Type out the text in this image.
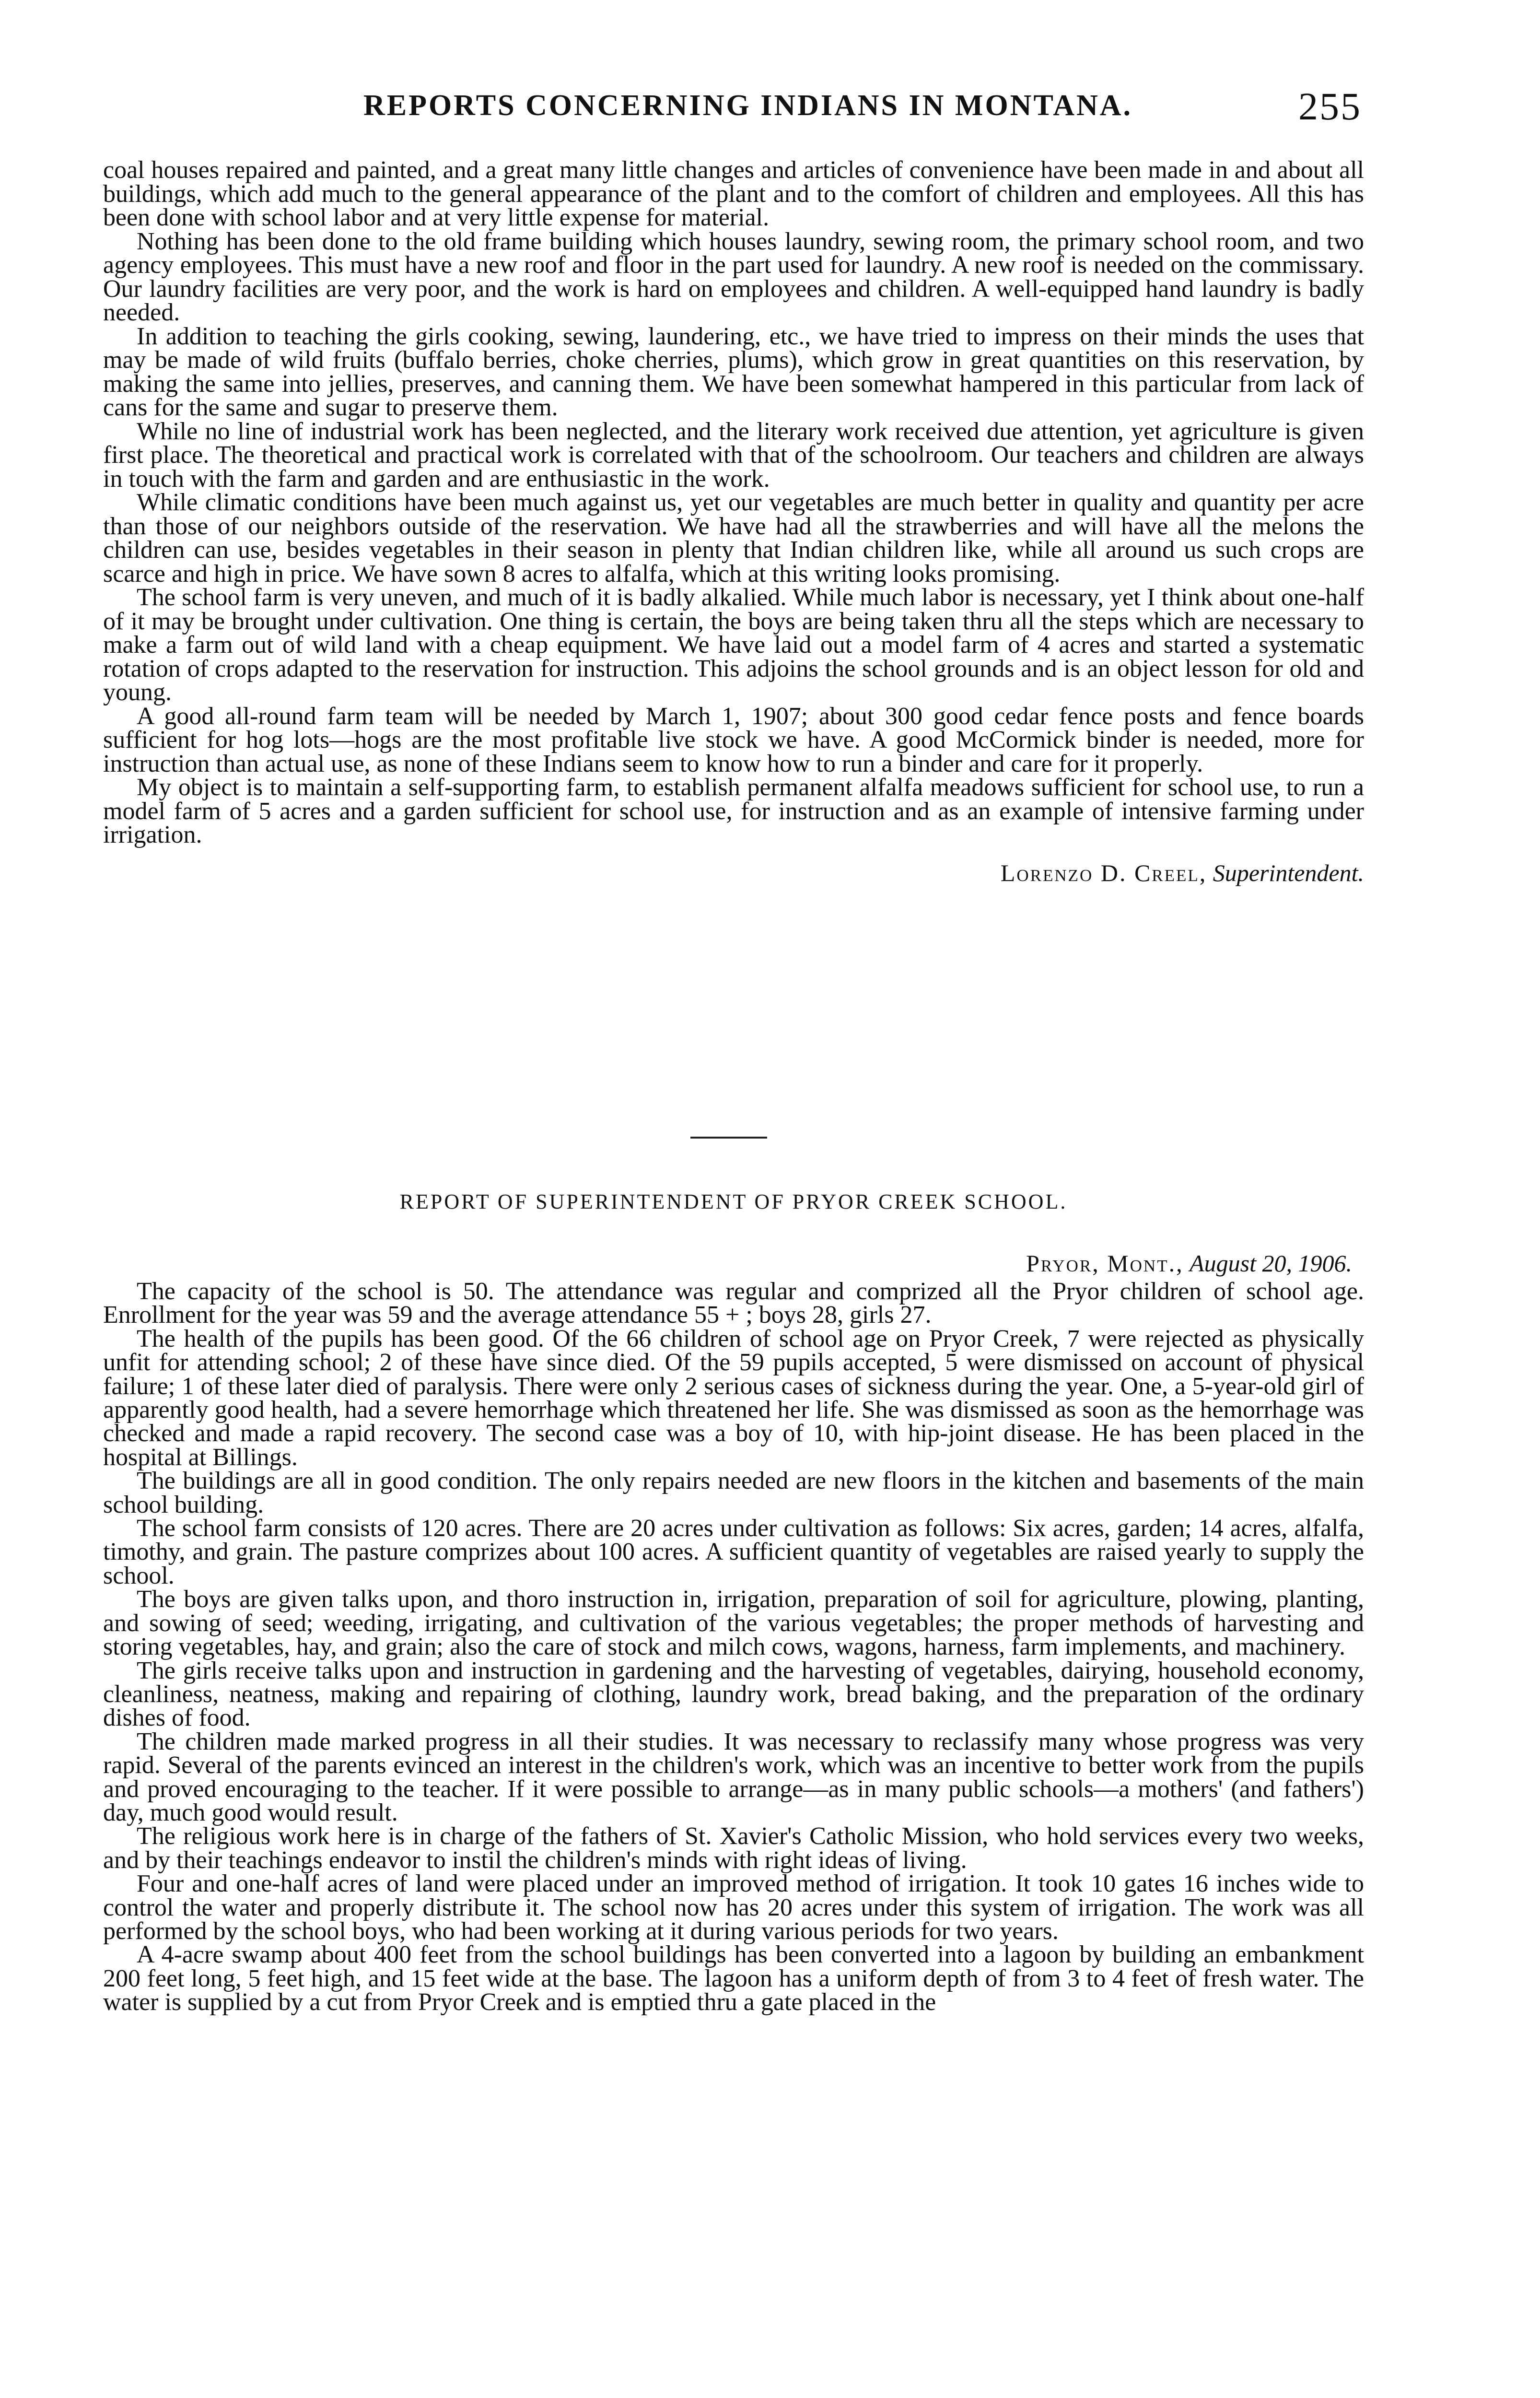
REPORTS CONCERNING INDIANS IN MONTANA.	255

coal houses repaired and painted, and a great many little changes and articles of convenience have been made in and about all buildings, which add much to the general appearance of the plant and to the comfort of children and employees. All this has been done with school labor and at very little expense for material.

Nothing has been done to the old frame building which houses laundry, sewing room, the primary school room, and two agency employees. This must have a new roof and floor in the part used for laundry. A new roof is needed on the commissary. Our laundry facilities are very poor, and the work is hard on employees and children. A well-equipped hand laundry is badly needed.

In addition to teaching the girls cooking, sewing, laundering, etc., we have tried to impress on their minds the uses that may be made of wild fruits (buffalo berries, choke cherries, plums), which grow in great quantities on this reservation, by making the same into jellies, preserves, and canning them. We have been somewhat hampered in this particular from lack of cans for the same and sugar to preserve them.

While no line of industrial work has been neglected, and the literary work received due attention, yet agriculture is given first place. The theoretical and practical work is correlated with that of the schoolroom. Our teachers and children are always in touch with the farm and garden and are enthusiastic in the work.

While climatic conditions have been much against us, yet our vegetables are much better in quality and quantity per acre than those of our neighbors outside of the reservation. We have had all the strawberries and will have all the melons the children can use, besides vegetables in their season in plenty that Indian children like, while all around us such crops are scarce and high in price. We have sown 8 acres to alfalfa, which at this writing looks promising.

The school farm is very uneven, and much of it is badly alkalied. While much labor is necessary, yet I think about one-half of it may be brought under cultivation. One thing is certain, the boys are being taken thru all the steps which are necessary to make a farm out of wild land with a cheap equipment. We have laid out a model farm of 4 acres and started a systematic rotation of crops adapted to the reservation for instruction. This adjoins the school grounds and is an object lesson for old and young.

A good all-round farm team will be needed by March 1, 1907; about 300 good cedar fence posts and fence boards sufficient for hog lots—hogs are the most profitable live stock we have. A good McCormick binder is needed, more for instruction than actual use, as none of these Indians seem to know how to run a binder and care for it properly.

My object is to maintain a self-supporting farm, to establish permanent alfalfa meadows sufficient for school use, to run a model farm of 5 acres and a garden sufficient for school use, for instruction and as an example of intensive farming under irrigation.

Lorenzo D. Creel, Superintendent.
REPORT OF SUPERINTENDENT OF PRYOR CREEK SCHOOL.
Pryor, Mont., August 20, 1906.

The capacity of the school is 50. The attendance was regular and comprized all the Pryor children of school age. Enrollment for the year was 59 and the average attendance 55 + ; boys 28, girls 27.

The health of the pupils has been good. Of the 66 children of school age on Pryor Creek, 7 were rejected as physically unfit for attending school; 2 of these have since died. Of the 59 pupils accepted, 5 were dismissed on account of physical failure; 1 of these later died of paralysis. There were only 2 serious cases of sickness during the year. One, a 5-year-old girl of apparently good health, had a severe hemorrhage which threatened her life. She was dismissed as soon as the hemorrhage was checked and made a rapid recovery. The second case was a boy of 10, with hip-joint disease. He has been placed in the hospital at Billings.

The buildings are all in good condition. The only repairs needed are new floors in the kitchen and basements of the main school building.

The school farm consists of 120 acres. There are 20 acres under cultivation as follows: Six acres, garden; 14 acres, alfalfa, timothy, and grain. The pasture comprizes about 100 acres. A sufficient quantity of vegetables are raised yearly to supply the school.

The boys are given talks upon, and thoro instruction in, irrigation, preparation of soil for agriculture, plowing, planting, and sowing of seed; weeding, irrigating, and cultivation of the various vegetables; the proper methods of harvesting and storing vegetables, hay, and grain; also the care of stock and milch cows, wagons, harness, farm implements, and machinery.

The girls receive talks upon and instruction in gardening and the harvesting of vegetables, dairying, household economy, cleanliness, neatness, making and repairing of clothing, laundry work, bread baking, and the preparation of the ordinary dishes of food.

The children made marked progress in all their studies. It was necessary to reclassify many whose progress was very rapid. Several of the parents evinced an interest in the children's work, which was an incentive to better work from the pupils and proved encouraging to the teacher. If it were possible to arrange—as in many public schools—a mothers' (and fathers') day, much good would result.

The religious work here is in charge of the fathers of St. Xavier's Catholic Mission, who hold services every two weeks, and by their teachings endeavor to instil the children's minds with right ideas of living.

Four and one-half acres of land were placed under an improved method of irrigation. It took 10 gates 16 inches wide to control the water and properly distribute it. The school now has 20 acres under this system of irrigation. The work was all performed by the school boys, who had been working at it during various periods for two years.

A 4-acre swamp about 400 feet from the school buildings has been converted into a lagoon by building an embankment 200 feet long, 5 feet high, and 15 feet wide at the base. The lagoon has a uniform depth of from 3 to 4 feet of fresh water. The water is supplied by a cut from Pryor Creek and is emptied thru a gate placed in the
